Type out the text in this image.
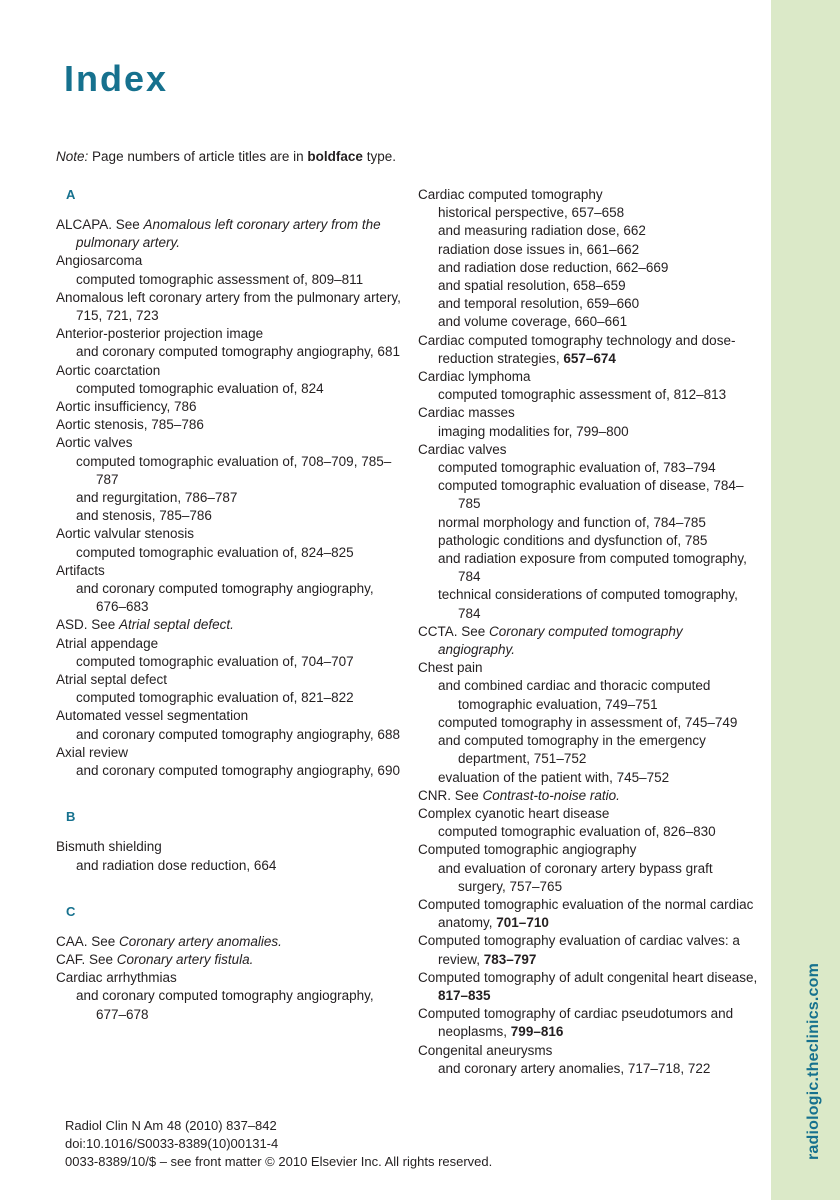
radiologic.theclinics.com
Index
Note: Page numbers of article titles are in boldface type.
A
ALCAPA. See Anomalous left coronary artery from the pulmonary artery.
Angiosarcoma
computed tomographic assessment of, 809–811
Anomalous left coronary artery from the pulmonary artery, 715, 721, 723
Anterior-posterior projection image
and coronary computed tomography angiography, 681
Aortic coarctation
computed tomographic evaluation of, 824
Aortic insufficiency, 786
Aortic stenosis, 785–786
Aortic valves
computed tomographic evaluation of, 708–709, 785–787
and regurgitation, 786–787
and stenosis, 785–786
Aortic valvular stenosis
computed tomographic evaluation of, 824–825
Artifacts
and coronary computed tomography angiography, 676–683
ASD. See Atrial septal defect.
Atrial appendage
computed tomographic evaluation of, 704–707
Atrial septal defect
computed tomographic evaluation of, 821–822
Automated vessel segmentation
and coronary computed tomography angiography, 688
Axial review
and coronary computed tomography angiography, 690
B
Bismuth shielding
and radiation dose reduction, 664
C
CAA. See Coronary artery anomalies.
CAF. See Coronary artery fistula.
Cardiac arrhythmias
and coronary computed tomography angiography, 677–678
Cardiac computed tomography
historical perspective, 657–658
and measuring radiation dose, 662
radiation dose issues in, 661–662
and radiation dose reduction, 662–669
and spatial resolution, 658–659
and temporal resolution, 659–660
and volume coverage, 660–661
Cardiac computed tomography technology and dose-reduction strategies, 657–674
Cardiac lymphoma
computed tomographic assessment of, 812–813
Cardiac masses
imaging modalities for, 799–800
Cardiac valves
computed tomographic evaluation of, 783–794
computed tomographic evaluation of disease, 784–785
normal morphology and function of, 784–785
pathologic conditions and dysfunction of, 785
and radiation exposure from computed tomography, 784
technical considerations of computed tomography, 784
CCTA. See Coronary computed tomography angiography.
Chest pain
and combined cardiac and thoracic computed tomographic evaluation, 749–751
computed tomography in assessment of, 745–749
and computed tomography in the emergency department, 751–752
evaluation of the patient with, 745–752
CNR. See Contrast-to-noise ratio.
Complex cyanotic heart disease
computed tomographic evaluation of, 826–830
Computed tomographic angiography
and evaluation of coronary artery bypass graft surgery, 757–765
Computed tomographic evaluation of the normal cardiac anatomy, 701–710
Computed tomography evaluation of cardiac valves: a review, 783–797
Computed tomography of adult congenital heart disease, 817–835
Computed tomography of cardiac pseudotumors and neoplasms, 799–816
Congenital aneurysms
and coronary artery anomalies, 717–718, 722
Radiol Clin N Am 48 (2010) 837–842
doi:10.1016/S0033-8389(10)00131-4
0033-8389/10/$ – see front matter © 2010 Elsevier Inc. All rights reserved.
